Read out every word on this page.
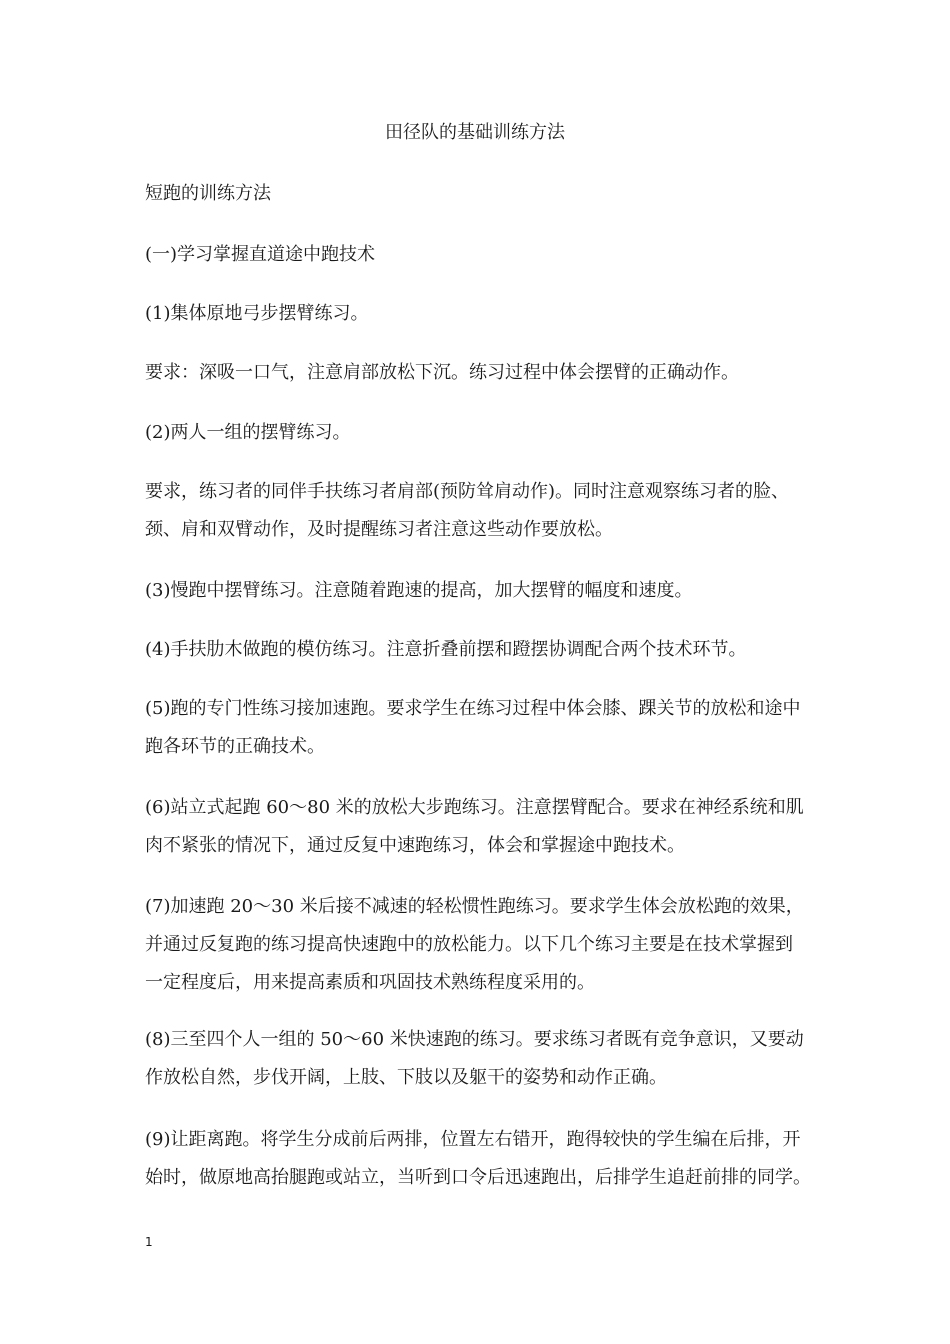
田径队的基础训练方法
短跑的训练方法
(一)学习掌握直道途中跑技术
(1)集体原地弓步摆臂练习。
要求：深吸一口气，注意肩部放松下沉。练习过程中体会摆臂的正确动作。
(2)两人一组的摆臂练习。
要求，练习者的同伴手扶练习者肩部(预防耸肩动作)。同时注意观察练习者的脸、
颈、肩和双臂动作，及时提醒练习者注意这些动作要放松。
(3)慢跑中摆臂练习。注意随着跑速的提高，加大摆臂的幅度和速度。
(4)手扶肋木做跑的模仿练习。注意折叠前摆和蹬摆协调配合两个技术环节。
(5)跑的专门性练习接加速跑。要求学生在练习过程中体会膝、踝关节的放松和途中
跑各环节的正确技术。
(6)站立式起跑 60～80 米的放松大步跑练习。注意摆臂配合。要求在神经系统和肌
肉不紧张的情况下，通过反复中速跑练习，体会和掌握途中跑技术。
(7)加速跑 20～30 米后接不减速的轻松惯性跑练习。要求学生体会放松跑的效果，
并通过反复跑的练习提高快速跑中的放松能力。以下几个练习主要是在技术掌握到
一定程度后，用来提高素质和巩固技术熟练程度采用的。
(8)三至四个人一组的 50～60 米快速跑的练习。要求练习者既有竞争意识，又要动
作放松自然，步伐开阔，上肢、下肢以及躯干的姿势和动作正确。
(9)让距离跑。将学生分成前后两排，位置左右错开，跑得较快的学生编在后排，开
始时，做原地高抬腿跑或站立，当听到口令后迅速跑出，后排学生追赶前排的同学。
1
